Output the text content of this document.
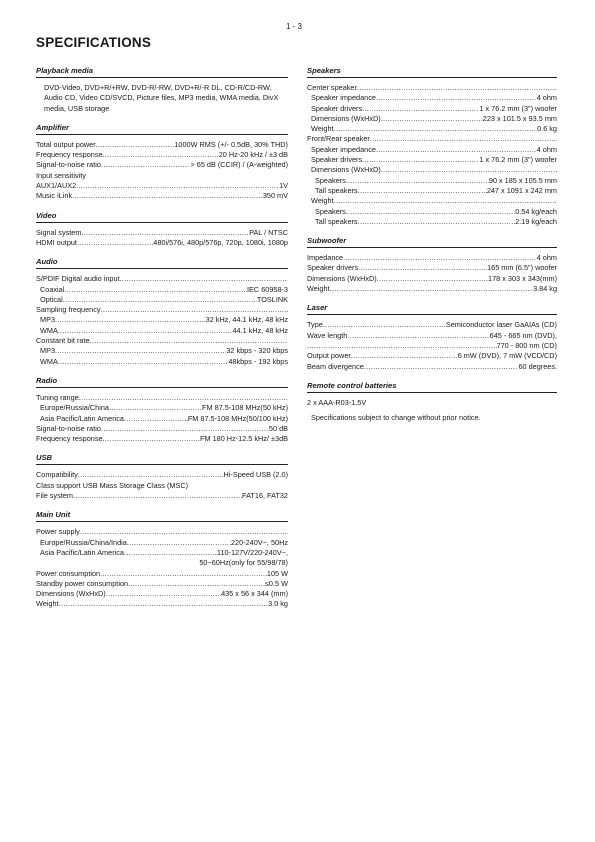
1 - 3
SPECIFICATIONS
Playback media
DVD-Video, DVD+R/+RW, DVD-R/-RW, DVD+R/-R DL, CD-R/CD-RW, Audio CD, Video CD/SVCD, Picture files, MP3 media, WMA media, DivX media, USB storage
Amplifier
Total output power .....	1000W RMS (+/- 0.5dB, 30% THD)
Frequency response .....	20 Hz-20 kHz / ±3 dB
Signal-to-noise ratio .....	> 65 dB (CCIR) / (A-weighted)
Input sensitivity
AUX1/AUX2 .....	1V
Music iLink .....	350 mV
Video
Signal system .....	PAL / NTSC
HDMI output .....	480i/576i, 480p/576p, 720p, 1080i, 1080p
Audio
S/PDIF Digital audio input
.....
Coaxial .....	IEC 60958-3
Optical .....	TOSLINK
Sampling frequency
.....
MP3 .....	32 kHz, 44.1 kHz, 48 kHz
WMA .....	44.1 kHz, 48 kHz
Constant bit rate
.....
MP3 .....	32 kbps - 320 kbps
WMA .....	48kbps - 192 kbps
Radio
Tuning range
.....
Europe/Russia/China .....	FM 87.5-108 MHz(50 kHz)
Asia Pacific/Latin America .....	FM 87.5-108 MHz(50/100 kHz)
Signal-to-noise ratio .....	50 dB
Frequency response .....	FM 180 Hz-12.5 kHz/ ±3dB
USB
Compatibility .....	Hi-Speed USB (2.0)
Class support USB Mass Storage Class (MSC)
File system .....	FAT16, FAT32
Main Unit
Power supply
.....
Europe/Russia/China/India .....	220-240V~, 50Hz
Asia Pacific/Latin America .....	110-127V/220-240V~,
50~60Hz(only for 55/98/78)
Power consumption .....	105 W
Standby power consumption .....	≤0.5 W
Dimensions (WxHxD) .....	435 x 56 x 344 (mm)
Weight .....	3.0 kg
Speakers
Center speaker
.....
Speaker impedance .....	4 ohm
Speaker drivers .....	1 x 76.2 mm (3") woofer
Dimensions (WxHxD) .....	223 x 101.5 x 93.5 mm
Weight .....	0.6 kg
Front/Rear speaker
.....
Speaker impedance .....	4 ohm
Speaker drivers .....	1 x 76.2 mm (3") woofer
Dimensions (WxHxD)
.....
Speakers .....	90 x 185 x 105.5 mm
Tall speakers .....	247 x 1091 x 242 mm
Weight
.....
Speakers .....	0.54 kg/each
Tall speakers .....	2.19 kg/each
Subwoofer
Impedance .....	4 ohm
Speaker drivers .....	165 mm (6.5") woofer
Dimensions (WxHxD) .....	178 x 303 x 343(mm)
Weight .....	3.84 kg
Laser
Type .....	Semiconductor laser GaAIAs (CD)
Wave length .....	645 - 665 nm (DVD),
.....
770 - 800 nm (CD)
Output power .....	6 mW (DVD), 7 mW (VCD/CD)
Beam divergence .....	60 degrees.
Remote control batteries
2 x AAA-R03-1.5V
Specifications subject to change without prior notice.
